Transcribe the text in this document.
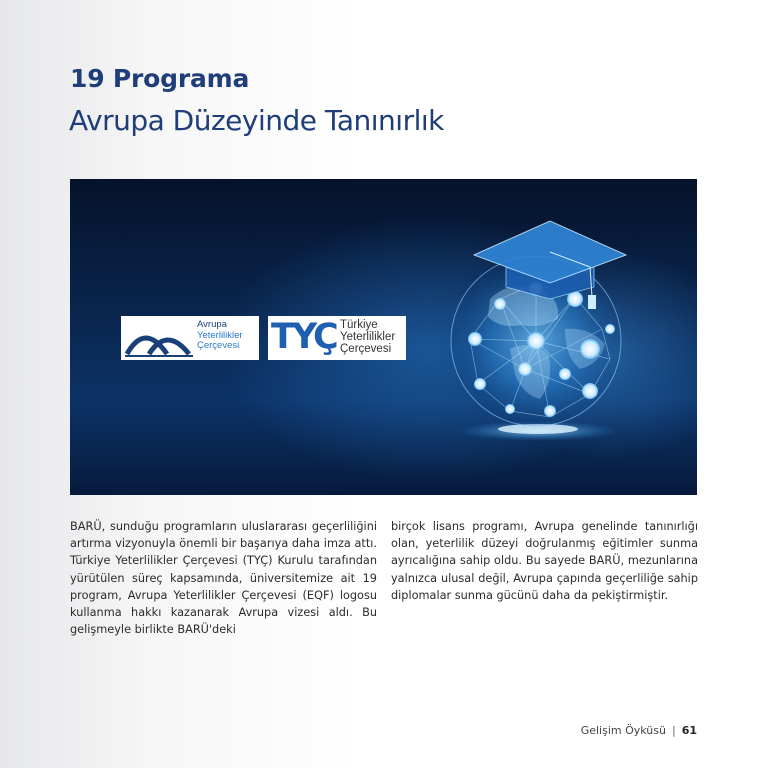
19 Programa
Avrupa Düzeyinde Tanınırlık
Avrupa
Yeterlilikler
Çerçevesi TYÇ Türkiye
Yeterlilikler
Çerçevesi

BARÜ, sunduğu programların uluslararası geçerliliğini artırma vizyonuyla önemli bir başarıya daha imza attı. Türkiye Yeterlilikler Çerçevesi (TYÇ) Kurulu tarafından yürütülen süreç kapsamında, üniversitemize ait 19 program, Avrupa Yeterlilikler Çerçevesi (EQF) logosu kullanma hakkı kazanarak Avrupa vizesi aldı. Bu gelişmeyle birlikte BARÜ'deki

birçok lisans programı, Avrupa genelinde tanınırlığı olan, yeterlilik düzeyi doğrulanmış eğitimler sunma ayrıcalığına sahip oldu. Bu sayede BARÜ, mezunlarına yalnızca ulusal değil, Avrupa çapında geçerliliğe sahip diplomalar sunma gücünü daha da pekiştirmiştir.

Gelişim Öyküsü | 61
